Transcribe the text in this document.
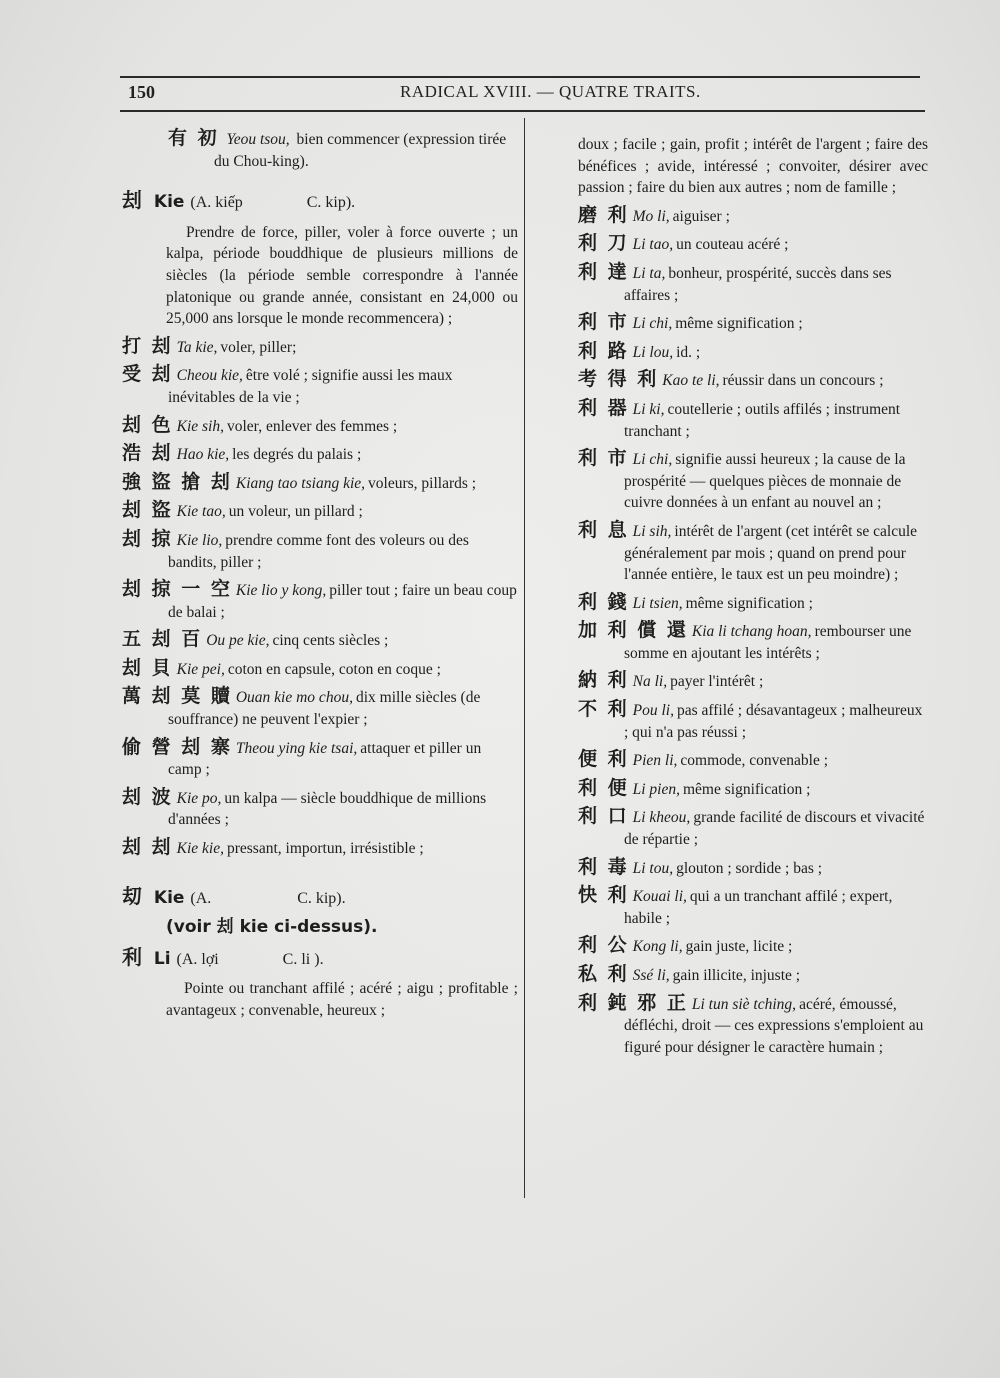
150	RADICAL XVIII. — QUATRE TRAITS.
有 初 Yeou tsou, bien commencer (expression tirée du Chou-king).
刦 Kie (A. kiếp	C. kip).
Prendre de force, piller, voler à force ouverte ; un kalpa, période bouddhique de plusieurs millions de siècles (la période semble correspondre à l'année platonique ou grande année, consistant en 24,000 ou 25,000 ans lorsque le monde recommencera) ;
打 刦 Ta kie, voler, piller;
受 刦 Cheou kie, être volé ; signifie aussi les maux inévitables de la vie ;
刦 色 Kie sih, voler, enlever des femmes ;
浩 刦 Hao kie, les degrés du palais ;
強 盜 搶 刦 Kiang tao tsiang kie, voleurs, pillards ;
刦 盜 Kie tao, un voleur, un pillard ;
刦 掠 Kie lio, prendre comme font des voleurs ou des bandits, piller ;
刦 掠 一 空 Kie lio y kong, piller tout ; faire un beau coup de balai ;
五 刦 百 Ou pe kie, cinq cents siècles ;
刦 貝 Kie pei, coton en capsule, coton en coque ;
萬 刦 莫 贖 Ouan kie mo chou, dix mille siècles (de souffrance) ne peuvent l'expier ;
偷 營 刦 寨 Theou ying kie tsai, attaquer et piller un camp ;
刦 波 Kie po, un kalpa — siècle bouddhique de millions d'années ;
刦 刦 Kie kie, pressant, importun, irrésistible ;
刧 Kie (A.	C. kip).
(voir 刦 kie ci-dessus).
利 Li (A. lợi	C. li ).
Pointe ou tranchant affilé ; acéré ; aigu ; profitable ; avantageux ; convenable, heureux ;
doux ; facile ; gain, profit ; intérêt de l'argent ; faire des bénéfices ; avide, intéressé ; convoiter, désirer avec passion ; faire du bien aux autres ; nom de famille ;
磨 利 Mo li, aiguiser ;
利 刀 Li tao, un couteau acéré ;
利 達 Li ta, bonheur, prospérité, succès dans ses affaires ;
利 市 Li chi, même signification ;
利 路 Li lou, id. ;
考 得 利 Kao te li, réussir dans un concours ;
利 器 Li ki, coutellerie ; outils affilés ; instrument tranchant ;
利 市 Li chi, signifie aussi heureux ; la cause de la prospérité — quelques pièces de monnaie de cuivre données à un enfant au nouvel an ;
利 息 Li sih, intérêt de l'argent (cet intérêt se calcule généralement par mois ; quand on prend pour l'année entière, le taux est un peu moindre) ;
利 錢 Li tsien, même signification ;
加 利 償 還 Kia li tchang hoan, rembourser une somme en ajoutant les intérêts ;
納 利 Na li, payer l'intérêt ;
不 利 Pou li, pas affilé ; désavantageux ; malheureux ; qui n'a pas réussi ;
便 利 Pien li, commode, convenable ;
利 便 Li pien, même signification ;
利 口 Li kheou, grande facilité de discours et vivacité de répartie ;
利 毒 Li tou, glouton ; sordide ; bas ;
快 利 Kouai li, qui a un tranchant affilé ; expert, habile ;
利 公 Kong li, gain juste, licite ;
私 利 Ssé li, gain illicite, injuste ;
利 鈍 邪 正 Li tun siè tching, acéré, émoussé, défléchi, droit — ces expressions s'emploient au figuré pour désigner le caractère humain ;
